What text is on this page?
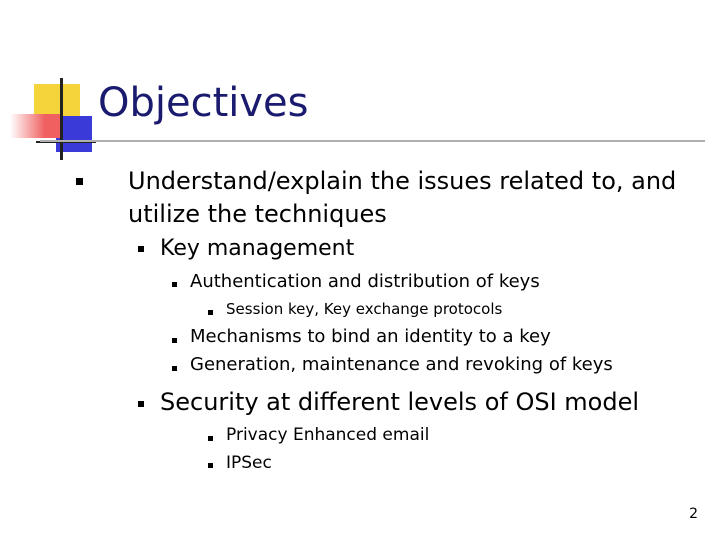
Objectives
Understand/explain the issues related to, and
utilize the techniques
Key management
Authentication and distribution of keys
Session key, Key exchange protocols
Mechanisms to bind an identity to a key
Generation, maintenance and revoking of keys
Security at different levels of OSI model
Privacy Enhanced email
IPSec
2
